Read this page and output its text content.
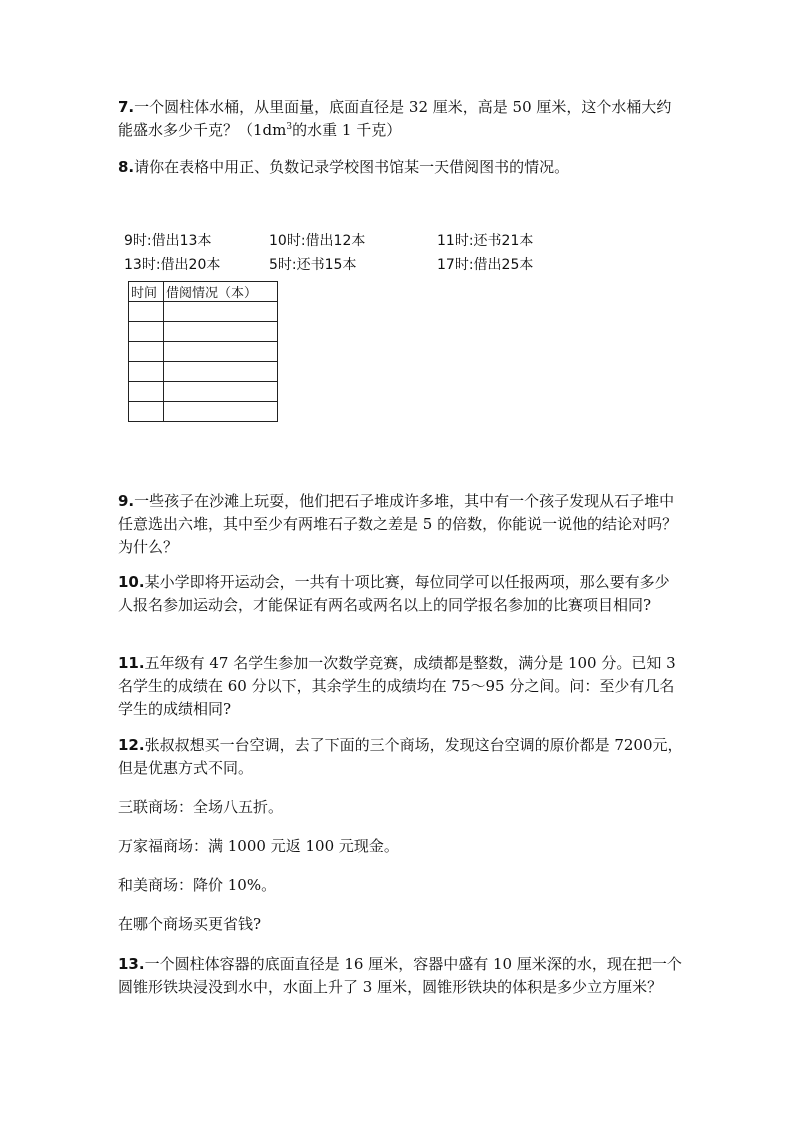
7.一个圆柱体水桶，从里面量，底面直径是 32 厘米，高是 50 厘米，这个水桶大约能盛水多少千克？（$1dm^3$的水重 1 千克）

8.请你在表格中用正、负数记录学校图书馆某一天借阅图书的情况。

9时:借出13本	10时:借出12本	11时:还书21本
13时:借出20本	5时:还书15本	17时:借出25本
时间	借阅情况（本）

9.一些孩子在沙滩上玩耍，他们把石子堆成许多堆，其中有一个孩子发现从石子堆中任意选出六堆，其中至少有两堆石子数之差是 5 的倍数，你能说一说他的结论对吗？为什么？

10.某小学即将开运动会，一共有十项比赛，每位同学可以任报两项，那么要有多少人报名参加运动会，才能保证有两名或两名以上的同学报名参加的比赛项目相同?

11.五年级有 47 名学生参加一次数学竞赛，成绩都是整数，满分是 100 分。已知 3 名学生的成绩在 60 分以下，其余学生的成绩均在 75～95 分之间。问：至少有几名学生的成绩相同?

12.张叔叔想买一台空调，去了下面的三个商场，发现这台空调的原价都是 7200元，但是优惠方式不同。

三联商场：全场八五折。

万家福商场：满 1000 元返 100 元现金。

和美商场：降价 10%。

在哪个商场买更省钱?

13.一个圆柱体容器的底面直径是 16 厘米，容器中盛有 10 厘米深的水，现在把一个圆锥形铁块浸没到水中，水面上升了 3 厘米，圆锥形铁块的体积是多少立方厘米？
